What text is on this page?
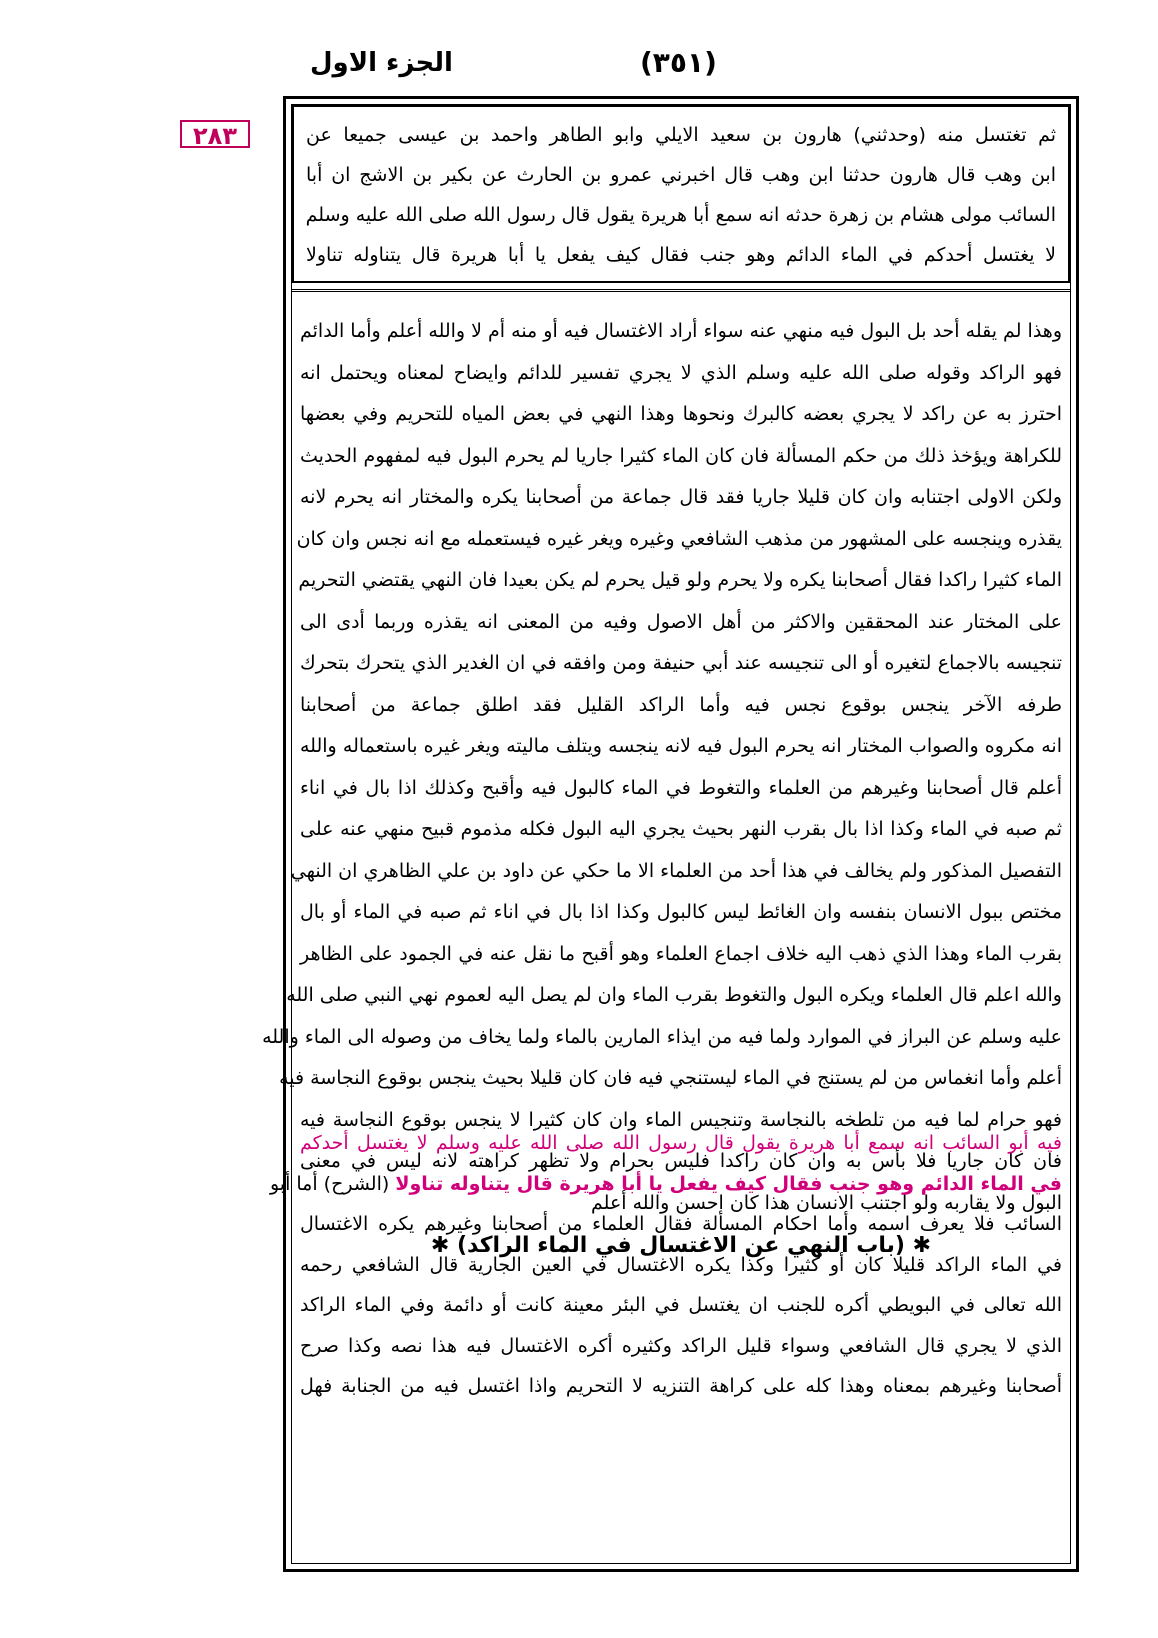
الجزء الاول	(٣٥١)
٢٨٣	ثم تغتسل منه (وحدثني) هارون بن سعيد الايلي وابو الطاهر واحمد بن عيسى جميعا عن
ابن وهب قال هارون حدثنا ابن وهب قال اخبرني عمرو بن الحارث عن بكير بن الاشج ان أبا
السائب مولى هشام بن زهرة حدثه انه سمع أبا هريرة يقول قال رسول الله صلى الله عليه وسلم
لا يغتسل أحدكم في الماء الدائم وهو جنب فقال كيف يفعل يا أبا هريرة قال يتناوله تناولا
وهذا لم يقله أحد بل البول فيه منهي عنه سواء أراد الاغتسال فيه أو منه أم لا والله أعلم وأما الدائم
فهو الراكد وقوله صلى الله عليه وسلم الذي لا يجري تفسير للدائم وايضاح لمعناه ويحتمل انه
احترز به عن راكد لا يجري بعضه كالبرك ونحوها وهذا النهي في بعض المياه للتحريم وفي بعضها
للكراهة ويؤخذ ذلك من حكم المسألة فان كان الماء كثيرا جاريا لم يحرم البول فيه لمفهوم الحديث
ولكن الاولى اجتنابه وان كان قليلا جاريا فقد قال جماعة من أصحابنا يكره والمختار انه يحرم لانه
يقذره وينجسه على المشهور من مذهب الشافعي وغيره ويغر غيره فيستعمله مع انه نجس وان كان
الماء كثيرا راكدا فقال أصحابنا يكره ولا يحرم ولو قيل يحرم لم يكن بعيدا فان النهي يقتضي التحريم
على المختار عند المحققين والاكثر من أهل الاصول وفيه من المعنى انه يقذره وربما أدى الى
تنجيسه بالاجماع لتغيره أو الى تنجيسه عند أبي حنيفة ومن وافقه في ان الغدير الذي يتحرك بتحرك
طرفه الآخر ينجس بوقوع نجس فيه وأما الراكد القليل فقد اطلق جماعة من أصحابنا
انه مكروه والصواب المختار انه يحرم البول فيه لانه ينجسه ويتلف ماليته ويغر غيره باستعماله والله
أعلم قال أصحابنا وغيرهم من العلماء والتغوط في الماء كالبول فيه وأقبح وكذلك اذا بال في اناء
ثم صبه في الماء وكذا اذا بال بقرب النهر بحيث يجري اليه البول فكله مذموم قبيح منهي عنه على
التفصيل المذكور ولم يخالف في هذا أحد من العلماء الا ما حكي عن داود بن علي الظاهري ان النهي
مختص ببول الانسان بنفسه وان الغائط ليس كالبول وكذا اذا بال في اناء ثم صبه في الماء أو بال
بقرب الماء وهذا الذي ذهب اليه خلاف اجماع العلماء وهو أقبح ما نقل عنه في الجمود على الظاهر
والله اعلم قال العلماء ويكره البول والتغوط بقرب الماء وان لم يصل اليه لعموم نهي النبي صلى الله
عليه وسلم عن البراز في الموارد ولما فيه من ايذاء المارين بالماء ولما يخاف من وصوله الى الماء والله
أعلم وأما انغماس من لم يستنج في الماء ليستنجي فيه فان كان قليلا بحيث ينجس بوقوع النجاسة فيه
فهو حرام لما فيه من تلطخه بالنجاسة وتنجيس الماء وان كان كثيرا لا ينجس بوقوع النجاسة فيه
فان كان جاريا فلا بأس به وان كان راكدا فليس بحرام ولا تظهر كراهته لانه ليس في معنى
البول ولا يقاربه ولو اجتنب الانسان هذا كان احسن والله أعلم
✱ (باب النهي عن الاغتسال في الماء الراكد) ✱
فيه أبو السائب انه سمع أبا هريرة يقول قال رسول الله صلى الله عليه وسلم لا يغتسل أحدكم
في الماء الدائم وهو جنب فقال كيف يفعل يا أبا هريرة قال يتناوله تناولا (الشرح) أما أبو
السائب فلا يعرف اسمه وأما احكام المسألة فقال العلماء من أصحابنا وغيرهم يكره الاغتسال
في الماء الراكد قليلا كان أو كثيرا وكذا يكره الاغتسال في العين الجارية قال الشافعي رحمه
الله تعالى في البويطي أكره للجنب ان يغتسل في البئر معينة كانت أو دائمة وفي الماء الراكد
الذي لا يجري قال الشافعي وسواء قليل الراكد وكثيره أكره الاغتسال فيه هذا نصه وكذا صرح
أصحابنا وغيرهم بمعناه وهذا كله على كراهة التنزيه لا التحريم واذا اغتسل فيه من الجنابة فهل
